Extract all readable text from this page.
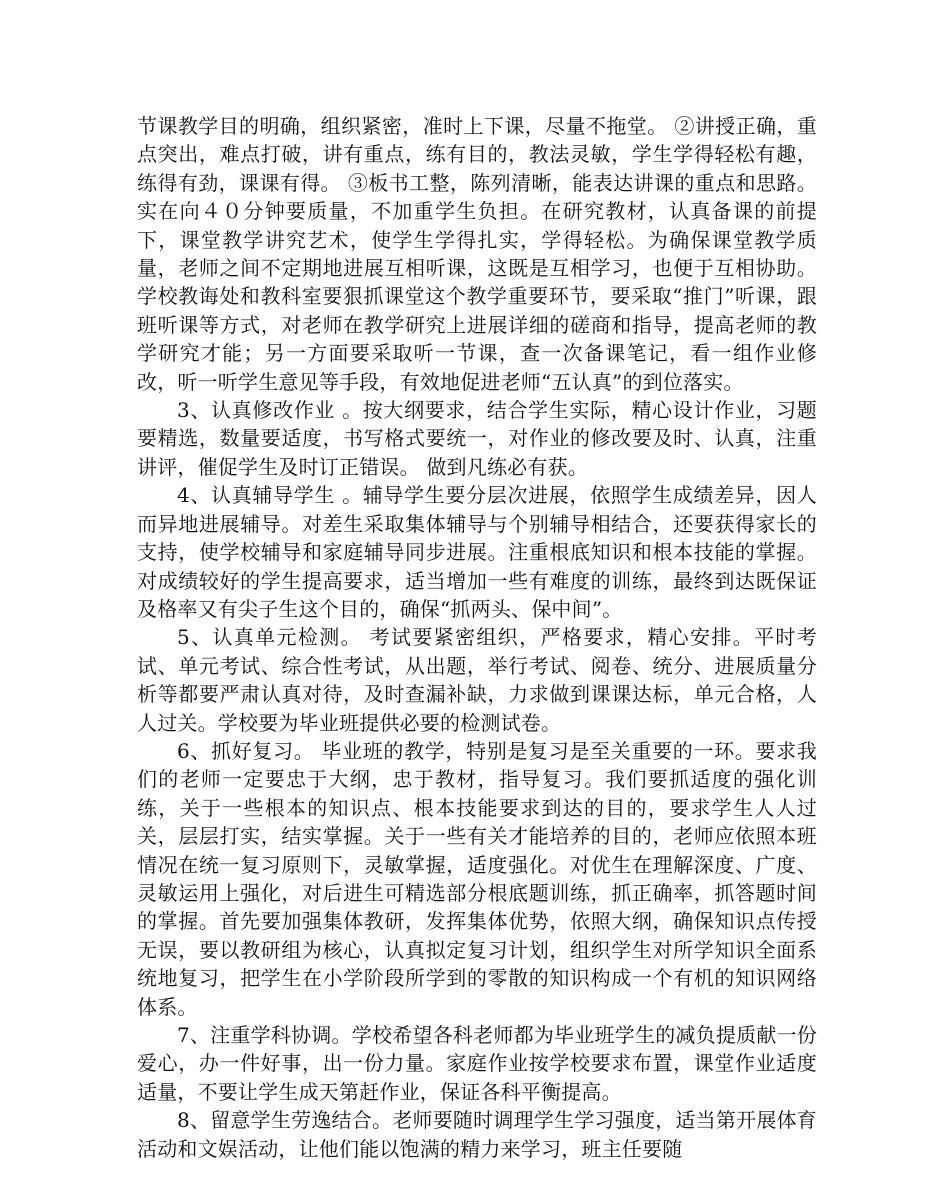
节课教学目的明确，组织紧密，准时上下课，尽量不拖堂。 ②讲授正确，重点突出，难点打破，讲有重点，练有目的，教法灵敏，学生学得轻松有趣，练得有劲，课课有得。 ③板书工整，陈列清晰，能表达讲课的重点和思路。 实在向４０分钟要质量，不加重学生负担。在研究教材，认真备课的前提下，课堂教学讲究艺术，使学生学得扎实，学得轻松。为确保课堂教学质量，老师之间不定期地进展互相听课，这既是互相学习，也便于互相协助。学校教诲处和教科室要狠抓课堂这个教学重要环节，要采取“推门”听课，跟班听课等方式，对老师在教学研究上进展详细的磋商和指导，提高老师的教学研究才能；另一方面要采取听一节课，查一次备课笔记，看一组作业修改，听一听学生意见等手段，有效地促进老师“五认真”的到位落实。

3、认真修改作业 。按大纲要求，结合学生实际，精心设计作业，习题要精选，数量要适度，书写格式要统一，对作业的修改要及时、认真，注重讲评，催促学生及时订正错误。 做到凡练必有获。

4、认真辅导学生 。辅导学生要分层次进展，依照学生成绩差异，因人而异地进展辅导。对差生采取集体辅导与个别辅导相结合，还要获得家长的支持，使学校辅导和家庭辅导同步进展。注重根底知识和根本技能的掌握。对成绩较好的学生提高要求，适当增加一些有难度的训练，最终到达既保证及格率又有尖子生这个目的，确保“抓两头、保中间”。

5、认真单元检测。 考试要紧密组织，严格要求，精心安排。平时考试、单元考试、综合性考试，从出题，举行考试、阅卷、统分、进展质量分析等都要严肃认真对待，及时查漏补缺，力求做到课课达标，单元合格，人人过关。学校要为毕业班提供必要的检测试卷。

6、抓好复习。 毕业班的教学，特别是复习是至关重要的一环。要求我们的老师一定要忠于大纲，忠于教材，指导复习。我们要抓适度的强化训练，关于一些根本的知识点、根本技能要求到达的目的，要求学生人人过关，层层打实，结实掌握。关于一些有关才能培养的目的，老师应依照本班情况在统一复习原则下，灵敏掌握，适度强化。对优生在理解深度、广度、灵敏运用上强化，对后进生可精选部分根底题训练，抓正确率，抓答题时间的掌握。首先要加强集体教研，发挥集体优势，依照大纲，确保知识点传授无误，要以教研组为核心，认真拟定复习计划，组织学生对所学知识全面系统地复习，把学生在小学阶段所学到的零散的知识构成一个有机的知识网络体系。

7、注重学科协调。学校希望各科老师都为毕业班学生的减负提质献一份爱心，办一件好事，出一份力量。家庭作业按学校要求布置，课堂作业适度适量，不要让学生成天第赶作业，保证各科平衡提高。

8、留意学生劳逸结合。老师要随时调理学生学习强度，适当第开展体育活动和文娱活动，让他们能以饱满的精力来学习，班主任要随
